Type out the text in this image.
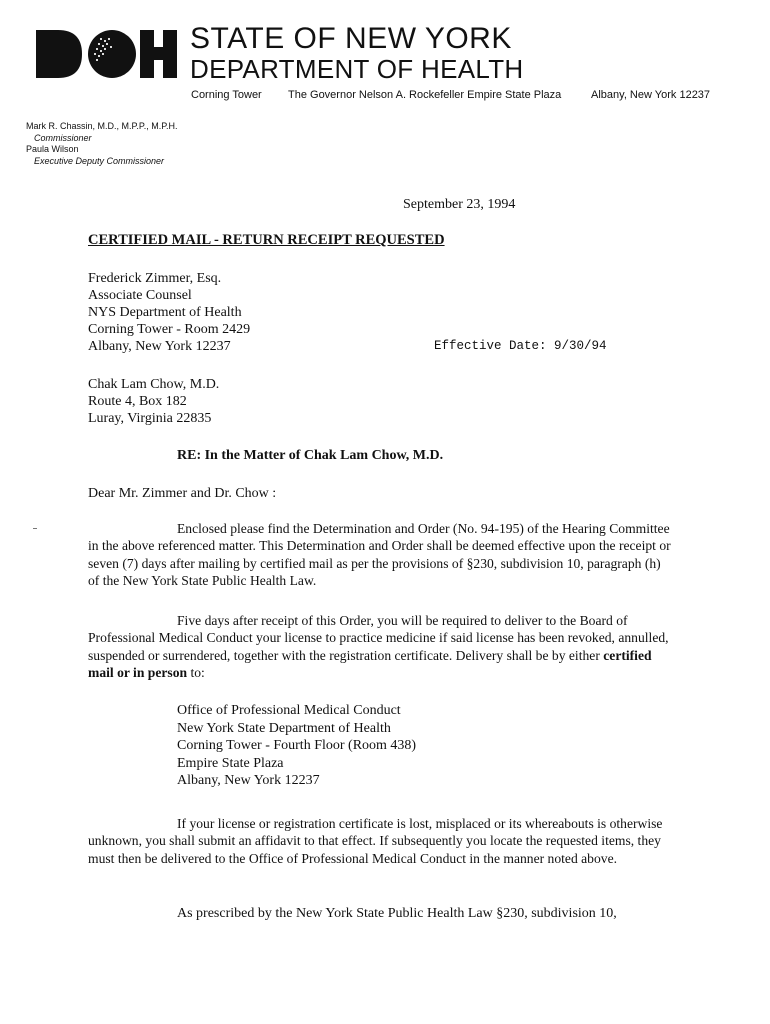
STATE OF NEW YORK
DEPARTMENT OF HEALTH
Corning Tower The Governor Nelson A. Rockefeller Empire State Plaza	Albany, New York 12237
Mark R. Chassin, M.D., M.P.P., M.P.H.
Commissioner
Paula Wilson
Executive Deputy Commissioner
September 23, 1994
CERTIFIED MAIL - RETURN RECEIPT REQUESTED
Frederick Zimmer, Esq.
Associate Counsel
NYS Department of Health
Corning Tower - Room 2429
Albany, New York 12237	Effective Date: 9/30/94
Chak Lam Chow, M.D.
Route 4, Box 182
Luray, Virginia 22835
RE: In the Matter of Chak Lam Chow, M.D.
Dear Mr. Zimmer and Dr. Chow :
Enclosed please find the Determination and Order (No. 94-195) of the Hearing Committee in the above referenced matter. This Determination and Order shall be deemed effective upon the receipt or seven (7) days after mailing by certified mail as per the provisions of §230, subdivision 10, paragraph (h) of the New York State Public Health Law.
Five days after receipt of this Order, you will be required to deliver to the Board of Professional Medical Conduct your license to practice medicine if said license has been revoked, annulled, suspended or surrendered, together with the registration certificate. Delivery shall be by either certified mail or in person to:
Office of Professional Medical Conduct
New York State Department of Health
Corning Tower - Fourth Floor (Room 438)
Empire State Plaza
Albany, New York 12237
If your license or registration certificate is lost, misplaced or its whereabouts is otherwise unknown, you shall submit an affidavit to that effect. If subsequently you locate the requested items, they must then be delivered to the Office of Professional Medical Conduct in the manner noted above.
As prescribed by the New York State Public Health Law §230, subdivision 10,
